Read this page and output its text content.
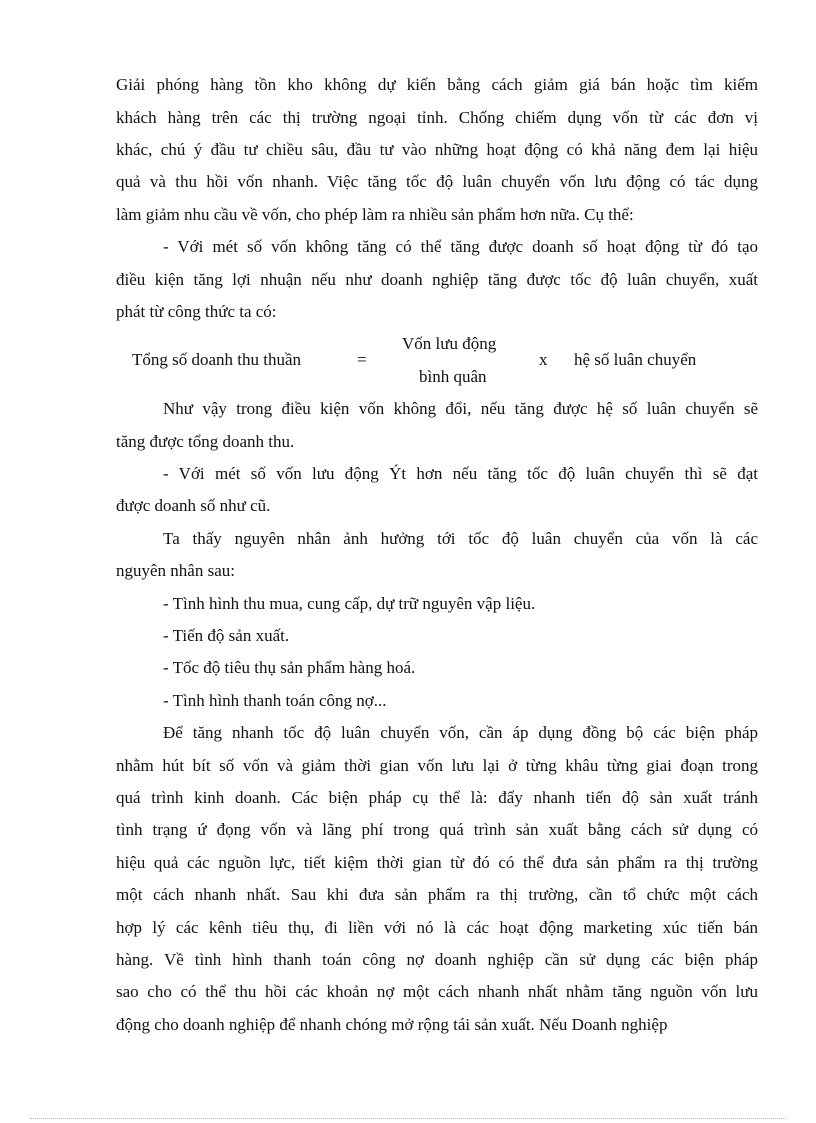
Giải phóng hàng tồn kho không dự kiến bằng cách giảm giá bán hoặc tìm kiếm
khách hàng trên các thị trường ngoại tỉnh. Chống chiếm dụng vốn từ các đơn vị
khác, chú ý đầu tư chiều sâu, đầu tư vào những hoạt động có khả năng đem lại hiệu
quả và thu hồi vốn nhanh. Việc tăng tốc độ luân chuyển vốn lưu động có tác dụng
làm giảm nhu cầu về vốn, cho phép làm ra nhiều sản phẩm hơn nữa. Cụ thể:
- Với mét số vốn không tăng có thể tăng được doanh số hoạt động từ đó tạo
điều kiện tăng lợi nhuận nếu như doanh nghiệp tăng được tốc độ luân chuyển, xuất
phát từ công thức ta có:
Tổng số doanh thu thuần	=
Vốn lưu động
bình quân
x hệ số luân chuyển
Như vậy trong điều kiện vốn không đổi, nếu tăng được hệ số luân chuyển sẽ
tăng được tổng doanh thu.
- Với mét số vốn lưu động Ýt hơn nếu tăng tốc độ luân chuyển thì sẽ đạt
được doanh số như cũ.
Ta thấy nguyên nhân ảnh hưởng tới tốc độ luân chuyển của vốn là các
nguyên nhân sau:
- Tình hình thu mua, cung cấp, dự trữ nguyên vập liệu.
- Tiến độ sản xuất.
- Tốc độ tiêu thụ sản phẩm hàng hoá.
- Tình hình thanh toán công nợ...
Để tăng nhanh tốc độ luân chuyển vốn, cần áp dụng đồng bộ các biện pháp
nhằm hút bít số vốn và giảm thời gian vốn lưu lại ở từng khâu từng giai đoạn trong
quá trình kinh doanh. Các biện pháp cụ thể là: đẩy nhanh tiến độ sản xuất tránh
tình trạng ứ đọng vốn và lãng phí trong quá trình sản xuất bằng cách sử dụng có
hiệu quả các nguồn lực, tiết kiệm thời gian từ đó có thể đưa sản phẩm ra thị trường
một cách nhanh nhất. Sau khi đưa sản phẩm ra thị trường, cần tổ chức một cách
hợp lý các kênh tiêu thụ, đi liền với nó là các hoạt động marketing xúc tiến bán
hàng. Về tình hình thanh toán công nợ doanh nghiệp cần sử dụng các biện pháp
sao cho có thể thu hồi các khoản nợ một cách nhanh nhất nhằm tăng nguồn vốn lưu
động cho doanh nghiệp để nhanh chóng mở rộng tái sản xuất. Nếu Doanh nghiệp
